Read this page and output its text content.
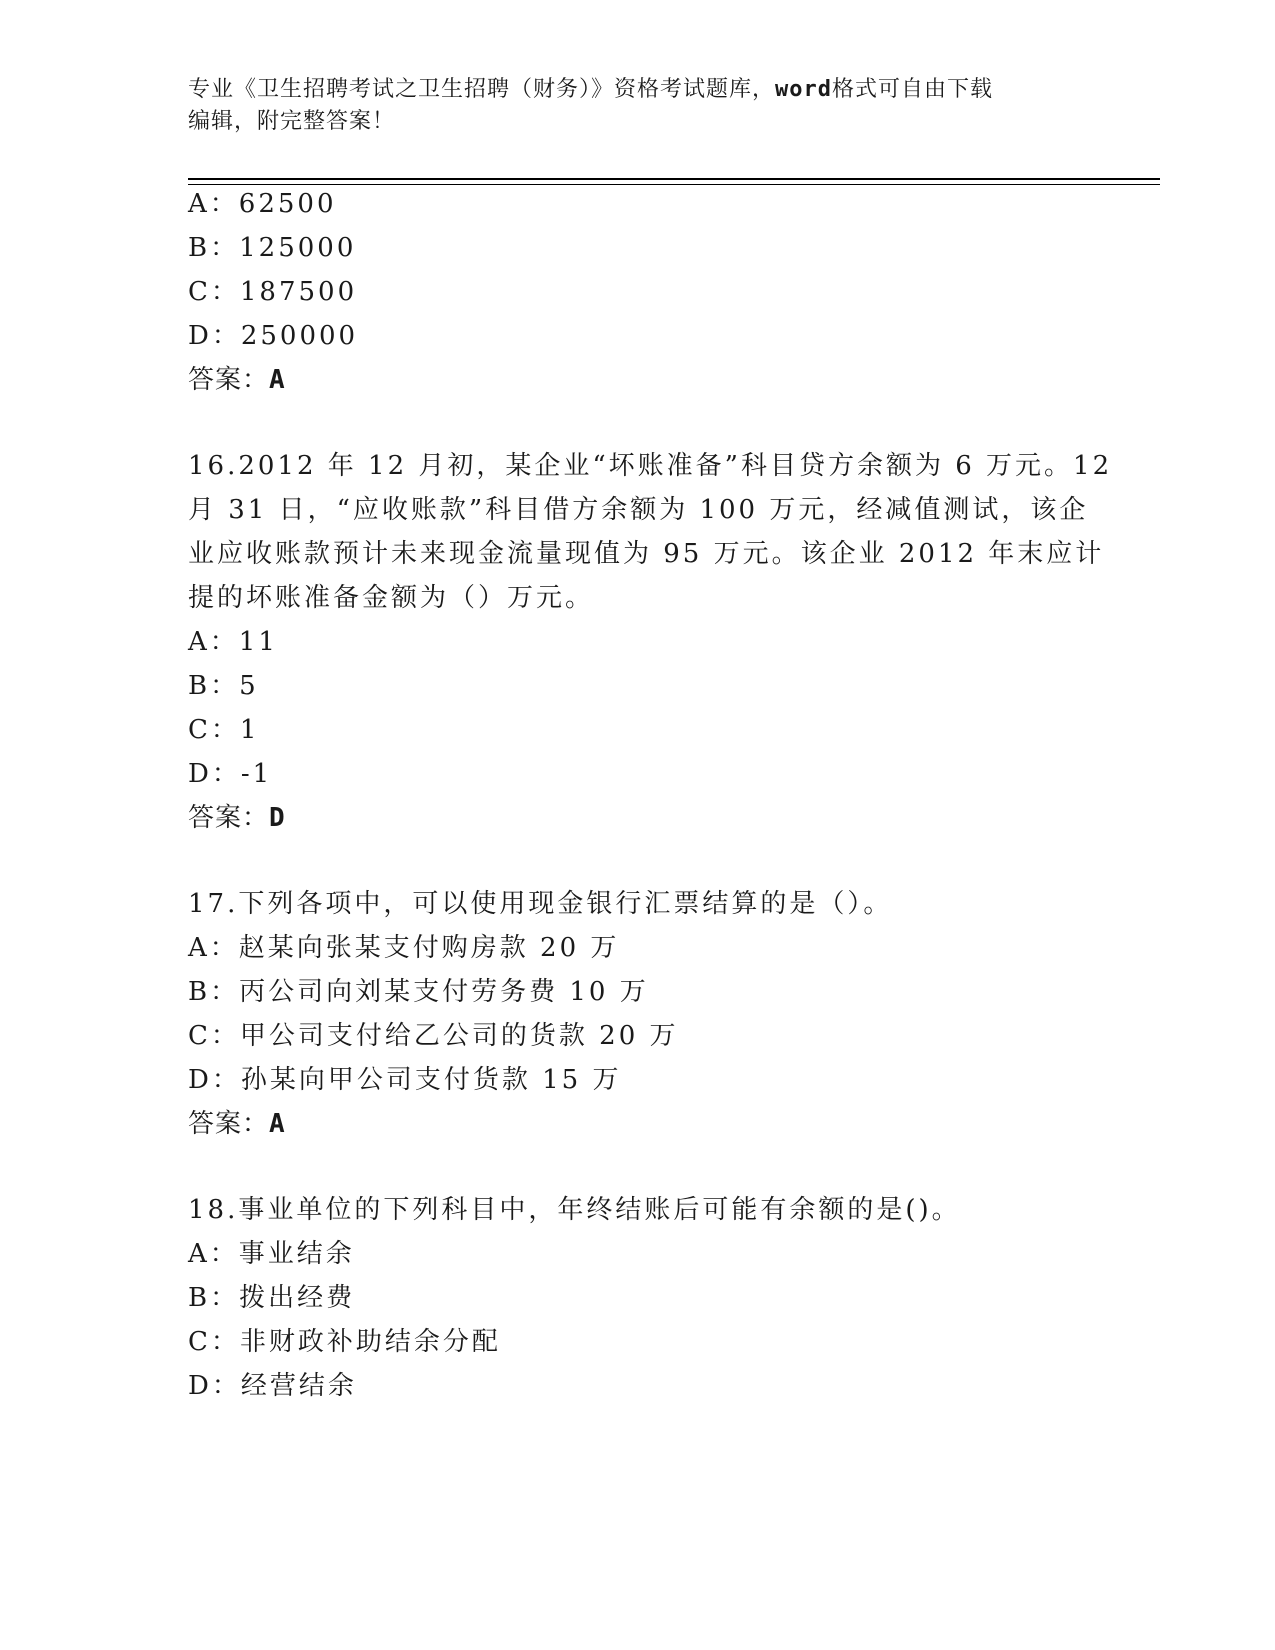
专业《卫生招聘考试之卫生招聘（财务）》资格考试题库，word格式可自由下载
编辑，附完整答案！
A：62500
B：125000
C：187500
D：250000
答案：A
16.2012 年 12 月初，某企业“坏账准备”科目贷方余额为 6 万元。12
月 31 日，“应收账款”科目借方余额为 100 万元，经减值测试，该企
业应收账款预计未来现金流量现值为 95 万元。该企业 2012 年末应计
提的坏账准备金额为（）万元。
A：11
B：5
C：1
D：-1
答案：D
17.下列各项中，可以使用现金银行汇票结算的是（）。
A：赵某向张某支付购房款 20 万
B：丙公司向刘某支付劳务费 10 万
C：甲公司支付给乙公司的货款 20 万
D：孙某向甲公司支付货款 15 万
答案：A
18.事业单位的下列科目中，年终结账后可能有余额的是()。
A：事业结余
B：拨出经费
C：非财政补助结余分配
D：经营结余
